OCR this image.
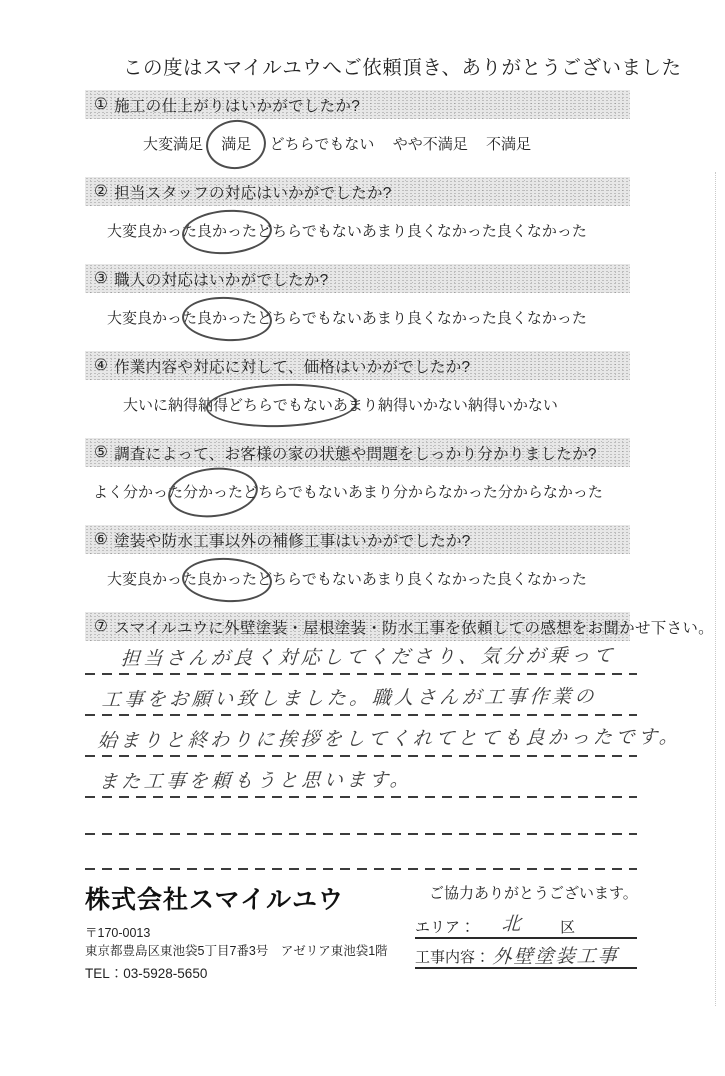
この度はスマイルユウへご依頼頂き、ありがとうございました
① 施工の仕上がりはいかがでしたか?
大変満足 満足 どちらでもない やや不満足 不満足
② 担当スタッフの対応はいかがでしたか?
大変良かった 良かった どちらでもない あまり良くなかった 良くなかった
③ 職人の対応はいかがでしたか?
大変良かった 良かった どちらでもない あまり良くなかった 良くなかった
④ 作業内容や対応に対して、価格はいかがでしたか?
大いに納得 納得 どちらでもない あまり納得いかない 納得いかない
⑤ 調査によって、お客様の家の状態や問題をしっかり分かりましたか?
よく分かった 分かった どちらでもない あまり分からなかった 分からなかった
⑥ 塗装や防水工事以外の補修工事はいかがでしたか?
大変良かった 良かった どちらでもない あまり良くなかった 良くなかった
⑦ スマイルユウに外壁塗装・屋根塗装・防水工事を依頼しての感想をお聞かせ下さい。
担当さんが良く対応してくださり、気分が乗って
工事をお願い致しました。職人さんが工事作業の
始まりと終わりに挨拶をしてくれてとても良かったです。
また工事を頼もうと思います。
株式会社スマイルユウ
〒170-0013
東京都豊島区東池袋5丁目7番3号　アゼリア東池袋1階
TEL：03-5928-5650
ご協力ありがとうございます。
エリア： 北 区
工事内容： 外壁塗装工事
